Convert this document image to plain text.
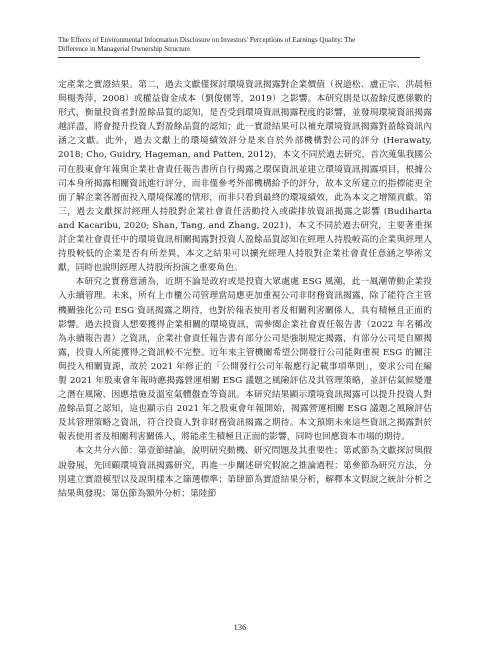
The Effects of Environmental Information Disclosure on Investors' Perceptions of Earnings Quality: The
Difference in Managerial Ownership Structure

定產業之實證結果。第二，過去文獻僅探討環境資訊揭露對企業價值（祝道松、盧正宗、洪晨桓與楊秀萍，2008）或權益資金成本（劉俊儒等，2019）之影響。本研究則是以盈餘反應係數的形式，衡量投資者對盈餘品質的認知，是否受到環境資訊揭露程度的影響，並發現環境資訊揭露越詳盡，將會提升投資人對盈餘品質的認知；此一實證結果可以補充環境資訊揭露對盈餘資訊內涵之文獻。此外，過去文獻上的環境績效評分是來自於外部機構對公司的評分 (Herawaty, 2018; Cho, Guidry, Hageman, and Patten, 2012)，本文不同於過去研究，首次蒐集我國公司在股東會年報與企業社會責任報告書所自行揭露之環保資訊並建立環境資訊揭露項目，根據公司本身所揭露相關資訊進行評分，而非僅參考外部機構給予的評分，故本文所建立的指標能更全面了解企業各層面投入環境保護的情形，而非只看到最終的環境績效，此為本文之增額貢獻。第三，過去文獻探討經理人持股對企業社會責任活動投入或碳排放資訊揭露之影響 (Budiharta and Kacaribu, 2020; Shan, Tang, and Zhang, 2021)，本文不同於過去研究，主要著重探討企業社會責任中的環境資訊相關揭露對投資人盈餘品質認知在經理人持股較高的企業與經理人持股較低的企業是否有所差異，本文之結果可以擴充經理人持股對企業社會責任意涵之學術文獻，同時也說明經理人持股所扮演之重要角色。

本研究之實務意涵為，近期不論是政府或是投資大眾處處 ESG 風潮，此一風潮帶動企業投入永續管理。未來，所有上市櫃公司管理當局應更加重視公司非財務資訊揭露，除了能符合主管機關強化公司 ESG 資訊揭露之期待，也對於報表使用者及相關利害關係人，具有積極且正面的影響。過去投資人想要獲得企業相關的環境資訊，需參閱企業社會責任報告書（2022 年名稱改為永續報告書）之資訊，企業社會責任報告書有部分公司是強制規定揭露，有部分公司是自願揭露，投資人所能獲得之資訊較不完整。近年來主管機關希望公開發行公司能夠重視 ESG 的關注與投入相關資源，故於 2021 年修正的「公開發行公司年報應行記載事項準則」，要求公司在編製 2021 年股東會年報時應揭露營運相關 ESG 議題之風險評估及其管理策略，並評估氣候變遷之潛在風險、因應措施及溫室氣體盤查等資訊。本研究結果顯示環境資訊揭露可以提升投資人對盈餘品質之認知，這也顯示自 2021 年之股東會年報開始，揭露營運相關 ESG 議題之風險評估及其管理策略之資訊，符合投資人對非財務資訊揭露之期待。本文預期未來這些資訊之揭露對於報表使用者及相關利害關係人，將能產生積極且正面的影響，同時也回應資本市場的期待。

本文共分六節：第壹節緒論，說明研究動機、研究問題及其重要性；第貳節為文獻探討與假說發展，先回顧環境資訊揭露研究，再進一步闡述研究假說之推論過程；第參節為研究方法，分別建立實證模型以及說明樣本之篩選標準；第肆節為實證結果分析，解釋本文假說之統計分析之結果與發現；第伍節為額外分析；第陸節

136
